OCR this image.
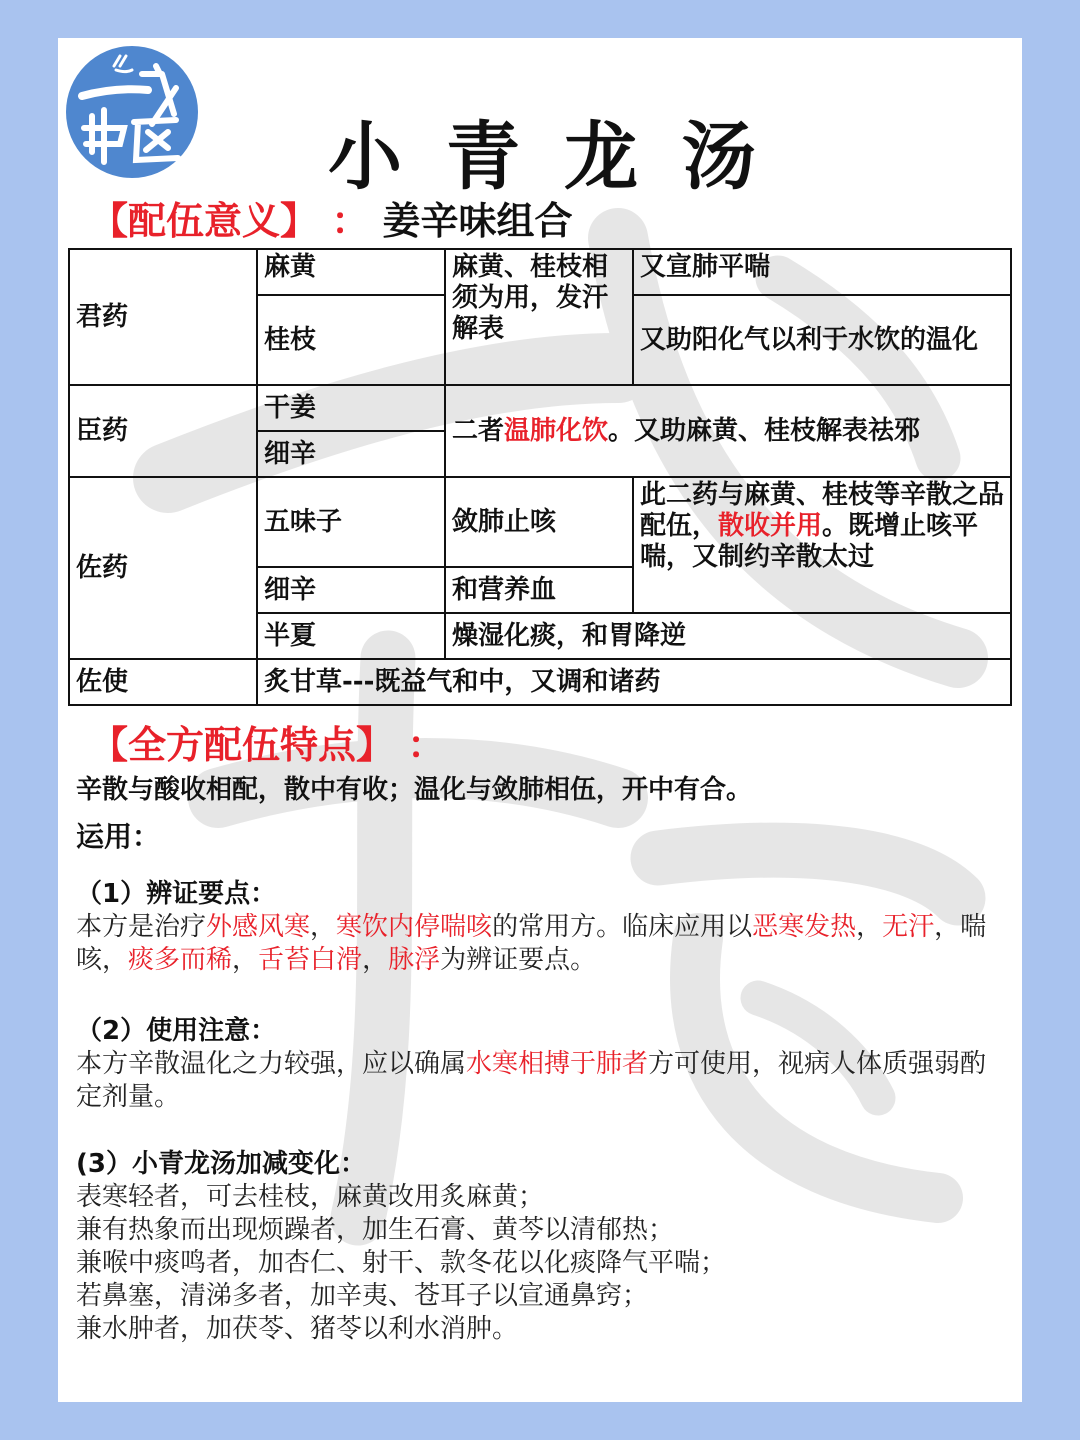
小青龙汤
【配伍意义】 ： 姜辛味组合
君药	麻黄	麻黄、桂枝相须为用，发汗解表	又宣肺平喘
	桂枝		又助阳化气以利于水饮的温化
臣药	干姜	二者温肺化饮。又助麻黄、桂枝解表祛邪	
	细辛		
佐药	五味子	敛肺止咳	此二药与麻黄、桂枝等辛散之品配伍，散收并用。既增止咳平喘，又制约辛散太过
	细辛	和营养血	
	半夏	燥湿化痰，和胃降逆	
佐使	炙甘草---既益气和中，又调和诸药		
【全方配伍特点】 ：
辛散与酸收相配，散中有收；温化与敛肺相伍，开中有合。
运用：
（1）辨证要点：
本方是治疗外感风寒，寒饮内停喘咳的常用方。临床应用以恶寒发热，无汗，喘咳，痰多而稀，舌苔白滑，脉浮为辨证要点。
（2）使用注意：
本方辛散温化之力较强，应以确属水寒相搏于肺者方可使用，视病人体质强弱酌定剂量。
(3）小青龙汤加减变化：
表寒轻者，可去桂枝，麻黄改用炙麻黄；
兼有热象而出现烦躁者，加生石膏、黄芩以清郁热；
兼喉中痰鸣者，加杏仁、射干、款冬花以化痰降气平喘；
若鼻塞，清涕多者，加辛夷、苍耳子以宣通鼻窍；
兼水肿者，加茯苓、猪苓以利水消肿。
